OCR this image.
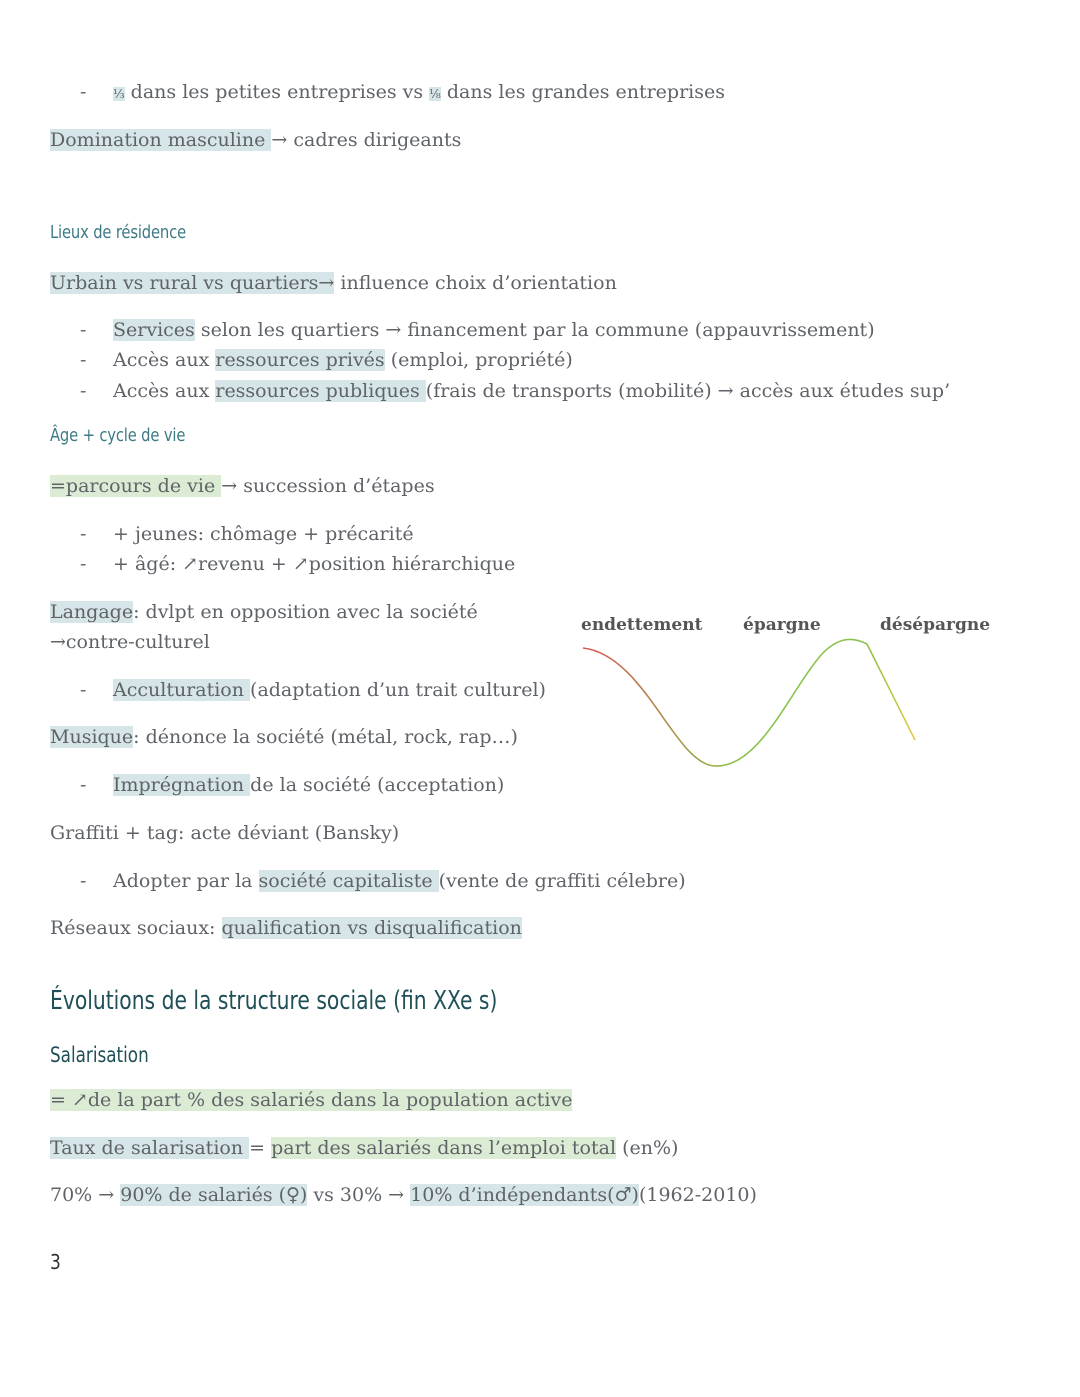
- ⅓ dans les petites entreprises vs ⅛ dans les grandes entreprises
Domination masculine → cadres dirigeants
Lieux de résidence
Urbain vs rural vs quartiers→ influence choix d’orientation
- Services selon les quartiers → financement par la commune (appauvrissement)
- Accès aux ressources privés (emploi, propriété)
- Accès aux ressources publiques (frais de transports (mobilité) → accès aux études sup’
Âge + cycle de vie
=parcours de vie → succession d’étapes
- + jeunes: chômage + précarité
- + âgé: ↗revenu + ↗position hiérarchique
Langage: dvlpt en opposition avec la société
→contre-culturel
- Acculturation (adaptation d’un trait culturel)
Musique: dénonce la société (métal, rock, rap…)
- Imprégnation de la société (acceptation)
Graffiti + tag: acte déviant (Bansky)
- Adopter par la société capitaliste (vente de graffiti célebre)
Réseaux sociaux: qualification vs disqualification
Évolutions de la structure sociale (fin XXe s)
Salarisation
= ↗de la part % des salariés dans la population active
Taux de salarisation = part des salariés dans l’emploi total (en%)
70% → 90% de salariés (♀) vs 30% → 10% d’indépendants(♂)(1962-2010)
3
endettement épargne	désépargne
